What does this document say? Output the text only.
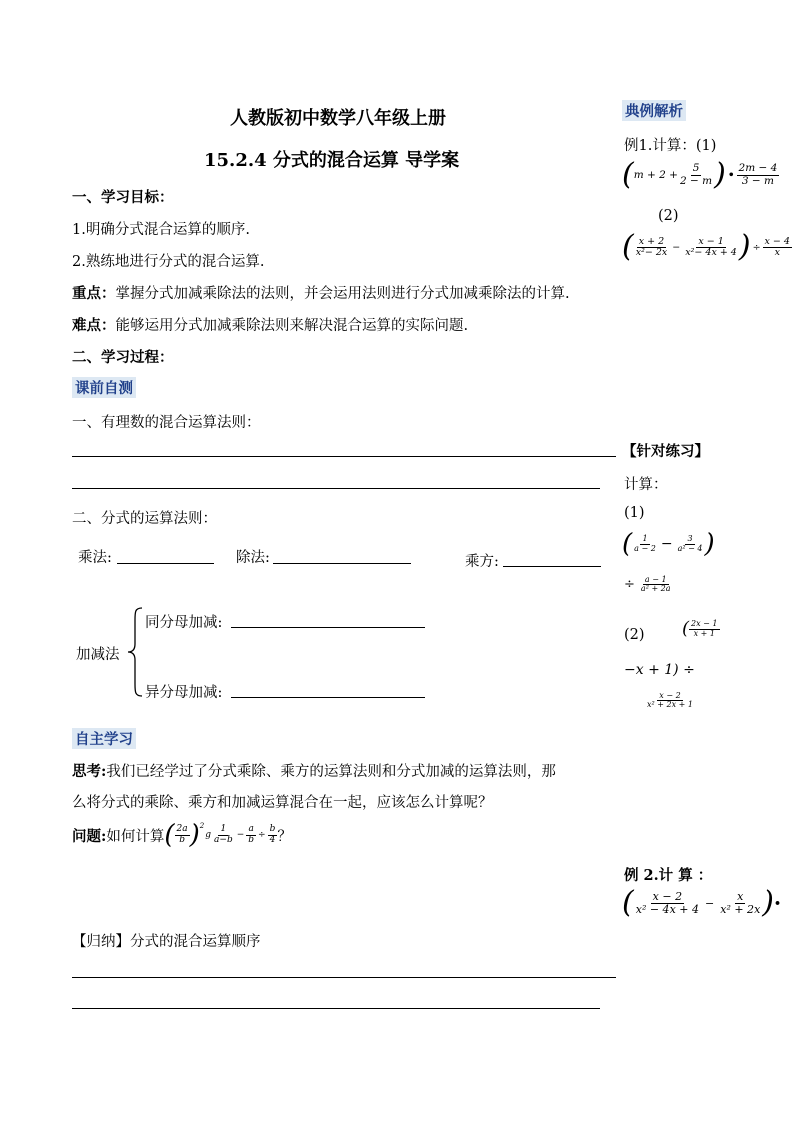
人教版初中数学八年级上册
15.2.4 分式的混合运算 导学案
一、学习目标：
1.明确分式混合运算的顺序.
2.熟练地进行分式的混合运算.
重点：掌握分式加减乘除法的法则，并会运用法则进行分式加减乘除法的计算.
难点：能够运用分式加减乘除法则来解决混合运算的实际问题.
二、学习过程：
课前自测
一、有理数的混合运算法则：
二、分式的运算法则：
乘法:	除法:	乘方:
加减法
同分母加减:
异分母加减:
自主学习
思考:我们已经学过了分式乘除、乘方的运算法则和分式加减的运算法则，那
么将分式的乘除、乘方和加减运算混合在一起，应该怎么计算呢？
问题: 如何计算 ( $\frac{2a}{b} )^2$
g $\frac{1}{a-b} - \frac{a}{b} \div \frac{b}{4}$ ？
【归纳】分式的混合运算顺序
典例解析
例1.计算：(1)
( $m + 2 + \frac{5}{2 - m}$ ) • $\frac{2m - 4}{3 - m}$
(2)
( $\frac{x + 2}{\text{x²− 2x}} - \frac{x - 1}{\text{x²− 4x + 4}}$ ) ÷ $\frac{x - 4}{x}$
【针对练习】
计算：
(1)
( $\frac{1}{a - 2} - \frac{3}{\text{a² − 4}}$ )
÷ $\frac{a - 1}{\text{a² + 2a}}$
(2) ( $\frac{2x - 1}{x + 1}$
−x + 1) ÷
$\frac{x - 2}{\text{x² + 2x + 1}}$
例 2.计 算 ：
( $\frac{x - 2}{\text{x² − 4x + 4}} - \frac{x}{\text{x² + 2x}}$ ) •
